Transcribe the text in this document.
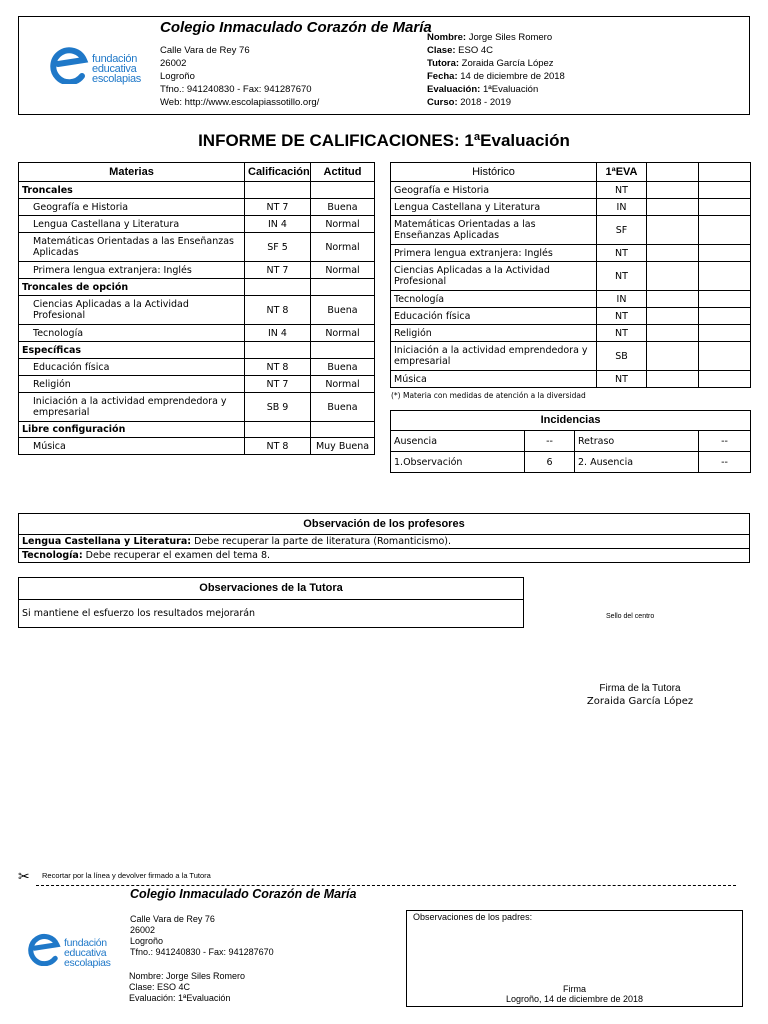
fundación
educativa
escolapias
Colegio Inmaculado Corazón de María
Calle Vara de Rey 76
26002
Logroño
Tfno.: 941240830 - Fax: 941287670
Web: http://www.escolapiassotillo.org/
Nombre: Jorge Siles Romero
Clase: ESO 4C
Tutora: Zoraida García López
Fecha: 14 de diciembre de 2018
Evaluación: 1ªEvaluación
Curso: 2018 - 2019
INFORME DE CALIFICACIONES: 1ªEvaluación
Materias	Calificación	Actitud
Troncales		
Geografía e Historia	NT 7	Buena
Lengua Castellana y Literatura	IN 4	Normal
Matemáticas Orientadas a las Enseñanzas Aplicadas	SF 5	Normal
Primera lengua extranjera: Inglés	NT 7	Normal
Troncales de opción		
Ciencias Aplicadas a la Actividad Profesional	NT 8	Buena
Tecnología	IN 4	Normal
Específicas		
Educación física	NT 8	Buena
Religión	NT 7	Normal
Iniciación a la actividad emprendedora y empresarial	SB 9	Buena
Libre configuración		
Música	NT 8	Muy Buena
Histórico	1ªEVA		
Geografía e Historia	NT		
Lengua Castellana y Literatura	IN		
Matemáticas Orientadas a las Enseñanzas Aplicadas	SF		
Primera lengua extranjera: Inglés	NT		
Ciencias Aplicadas a la Actividad Profesional	NT		
Tecnología	IN		
Educación física	NT		
Religión	NT		
Iniciación a la actividad emprendedora y empresarial	SB		
Música	NT		
(*) Materia con medidas de atención a la diversidad
Incidencias			
Ausencia	--	Retraso	--
1.Observación	6	2. Ausencia	--
Observación de los profesores
Lengua Castellana y Literatura: Debe recuperar la parte de literatura (Romanticismo).
Tecnología: Debe recuperar el examen del tema 8.
Observaciones de la Tutora
Si mantiene el esfuerzo los resultados mejorarán	Sello del centro
Firma de la Tutora
Zoraida García López
✂ Recortar por la línea y devolver firmado a la Tutora
Colegio Inmaculado Corazón de María
Calle Vara de Rey 76
26002
Logroño
Tfno.: 941240830 - Fax: 941287670
fundación
educativa
escolapias
Nombre: Jorge Siles Romero
Clase: ESO 4C
Evaluación: 1ªEvaluación
Observaciones de los padres:
Firma
Logroño, 14 de diciembre de 2018
